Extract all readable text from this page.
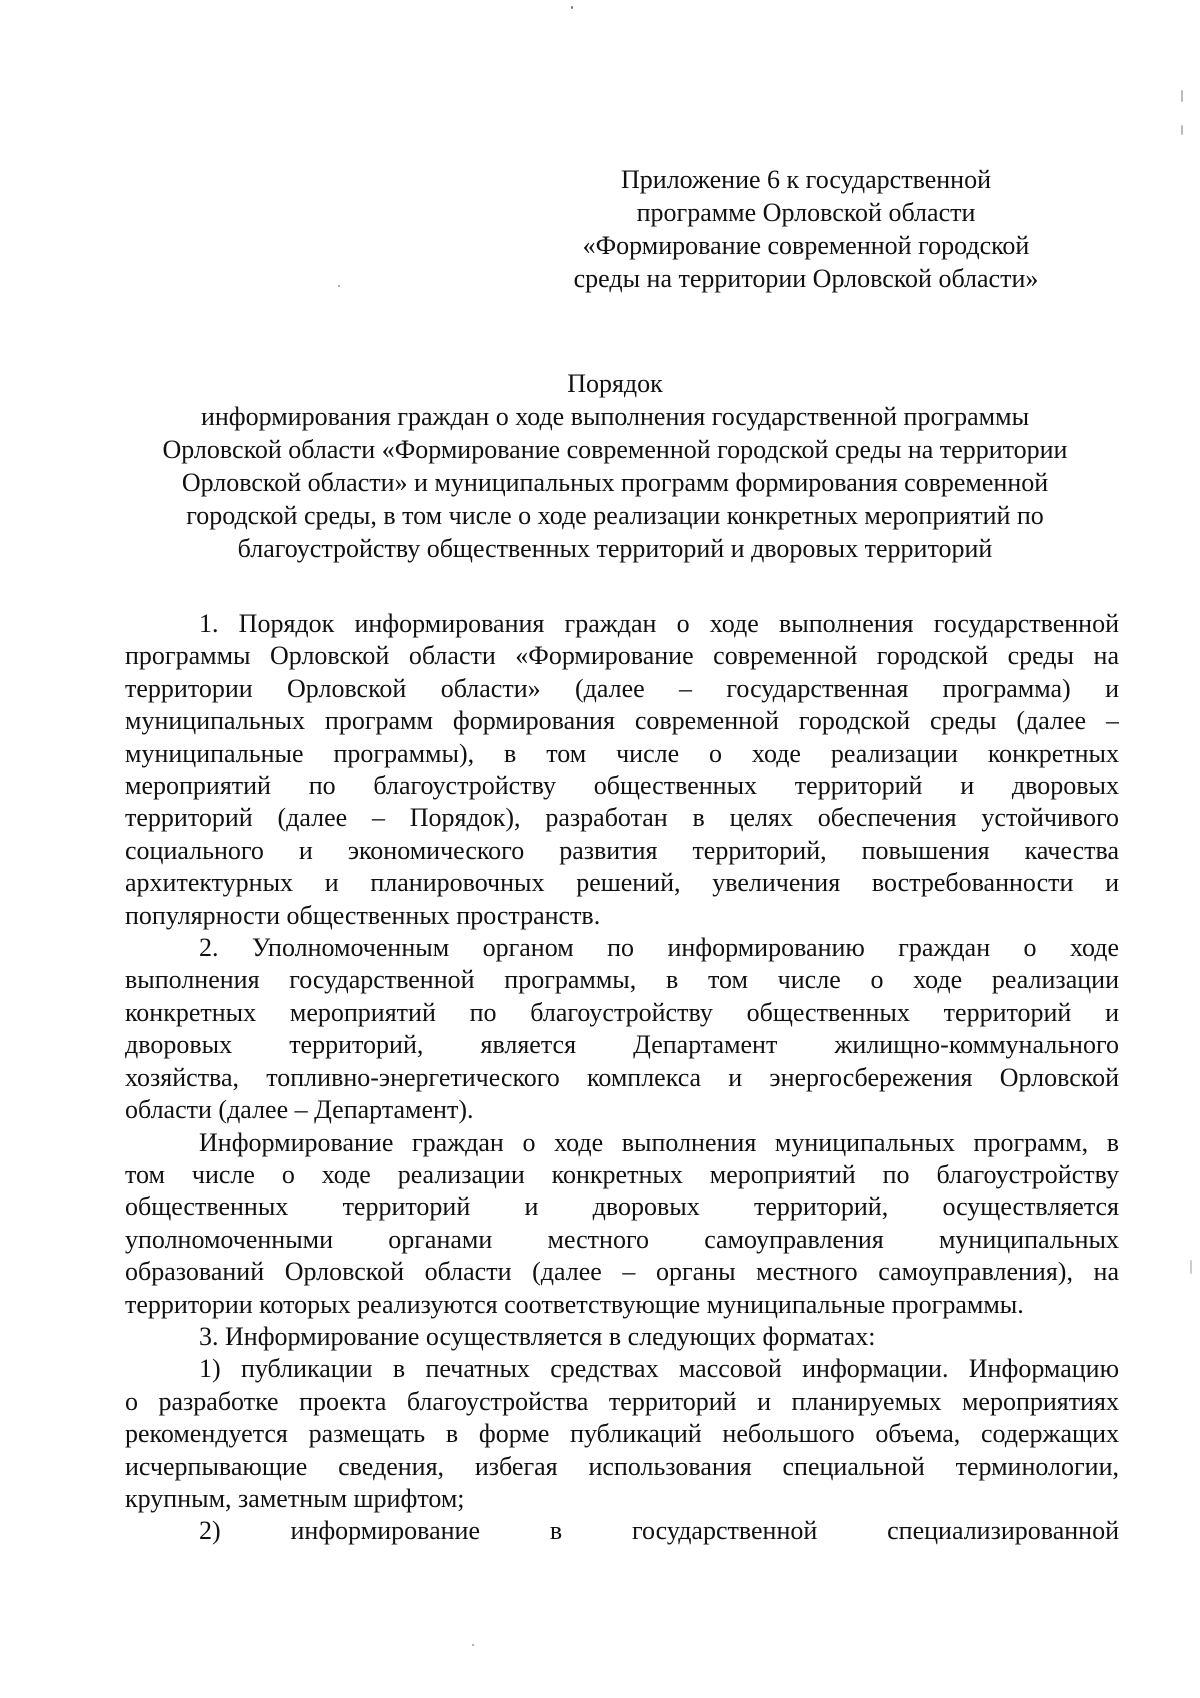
Приложение 6 к государственной
программе Орловской области
«Формирование современной городской
среды на территории Орловской области»
Порядок
информирования граждан о ходе выполнения государственной программы
Орловской области «Формирование современной городской среды на территории
Орловской области» и муниципальных программ формирования современной
городской среды, в том числе о ходе реализации конкретных мероприятий по
благоустройству общественных территорий и дворовых территорий
1. Порядок информирования граждан о ходе выполнения государственной
программы Орловской области «Формирование современной городской среды на
территории Орловской области» (далее – государственная программа) и
муниципальных программ формирования современной городской среды (далее –
муниципальные программы), в том числе о ходе реализации конкретных
мероприятий по благоустройству общественных территорий и дворовых
территорий (далее – Порядок), разработан в целях обеспечения устойчивого
социального и экономического развития территорий, повышения качества
архитектурных и планировочных решений, увеличения востребованности и
популярности общественных пространств.
2. Уполномоченным органом по информированию граждан о ходе
выполнения государственной программы, в том числе о ходе реализации
конкретных мероприятий по благоустройству общественных территорий и
дворовых территорий, является Департамент жилищно-коммунального
хозяйства, топливно-энергетического комплекса и энергосбережения Орловской
области (далее – Департамент).
Информирование граждан о ходе выполнения муниципальных программ, в
том числе о ходе реализации конкретных мероприятий по благоустройству
общественных территорий и дворовых территорий, осуществляется
уполномоченными органами местного самоуправления муниципальных
образований Орловской области (далее – органы местного самоуправления), на
территории которых реализуются соответствующие муниципальные программы.
3. Информирование осуществляется в следующих форматах:
1) публикации в печатных средствах массовой информации. Информацию
о разработке проекта благоустройства территорий и планируемых мероприятиях
рекомендуется размещать в форме публикаций небольшого объема, содержащих
исчерпывающие сведения, избегая использования специальной терминологии,
крупным, заметным шрифтом;
2) информирование в государственной специализированной
